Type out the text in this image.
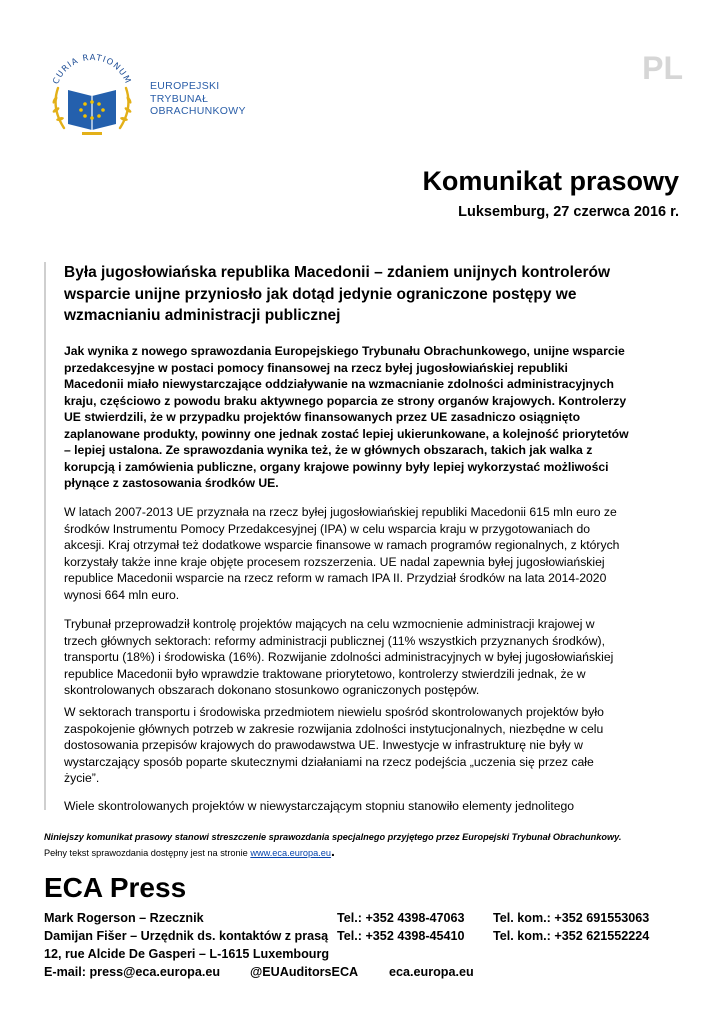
CURIA RATIONUM
EUROPEJSKI
TRYBUNAŁ
OBRACHUNKOWY
PL
Komunikat prasowy
Luksemburg, 27 czerwca 2016 r.
Była jugosłowiańska republika Macedonii – zdaniem unijnych kontrolerów wsparcie unijne przyniosło jak dotąd jedynie ograniczone postępy we wzmacnianiu administracji publicznej
Jak wynika z nowego sprawozdania Europejskiego Trybunału Obrachunkowego, unijne wsparcie przedakcesyjne w postaci pomocy finansowej na rzecz byłej jugosłowiańskiej republiki Macedonii miało niewystarczające oddziaływanie na wzmacnianie zdolności administracyjnych kraju, częściowo z powodu braku aktywnego poparcia ze strony organów krajowych. Kontrolerzy UE stwierdzili, że w przypadku projektów finansowanych przez UE zasadniczo osiągnięto zaplanowane produkty, powinny one jednak zostać lepiej ukierunkowane, a kolejność priorytetów – lepiej ustalona. Ze sprawozdania wynika też, że w głównych obszarach, takich jak walka z korupcją i zamówienia publiczne, organy krajowe powinny były lepiej wykorzystać możliwości płynące z zastosowania środków UE.
W latach 2007-2013 UE przyznała na rzecz byłej jugosłowiańskiej republiki Macedonii 615 mln euro ze środków Instrumentu Pomocy Przedakcesyjnej (IPA) w celu wsparcia kraju w przygotowaniach do akcesji. Kraj otrzymał też dodatkowe wsparcie finansowe w ramach programów regionalnych, z których korzystały także inne kraje objęte procesem rozszerzenia. UE nadal zapewnia byłej jugosłowiańskiej republice Macedonii wsparcie na rzecz reform w ramach IPA II. Przydział środków na lata 2014-2020 wynosi 664 mln euro.
Trybunał przeprowadził kontrolę projektów mających na celu wzmocnienie administracji krajowej w trzech głównych sektorach: reformy administracji publicznej (11% wszystkich przyznanych środków), transportu (18%) i środowiska (16%). Rozwijanie zdolności administracyjnych w byłej jugosłowiańskiej republice Macedonii było wprawdzie traktowane priorytetowo, kontrolerzy stwierdzili jednak, że w skontrolowanych obszarach dokonano stosunkowo ograniczonych postępów.
W sektorach transportu i środowiska przedmiotem niewielu spośród skontrolowanych projektów było zaspokojenie głównych potrzeb w zakresie rozwijania zdolności instytucjonalnych, niezbędne w celu dostosowania przepisów krajowych do prawodawstwa UE. Inwestycje w infrastrukturę nie były w wystarczający sposób poparte skutecznymi działaniami na rzecz podejścia „uczenia się przez całe życie”.
Wiele skontrolowanych projektów w niewystarczającym stopniu stanowiło elementy jednolitego
Niniejszy komunikat prasowy stanowi streszczenie sprawozdania specjalnego przyjętego przez Europejski Trybunał Obrachunkowy.
Pełny tekst sprawozdania dostępny jest na stronie www.eca.europa.eu.
ECA Press
Mark Rogerson – Rzecznik	Tel.: +352 4398-47063 Tel. kom.: +352 691553063
Damijan Fišer – Urzędnik ds. kontaktów z prasą Tel.: +352 4398-45410 Tel. kom.: +352 621552224
12, rue Alcide De Gasperi – L-1615 Luxembourg
E-mail: press@eca.europa.eu @EUAuditorsECA eca.europa.eu
